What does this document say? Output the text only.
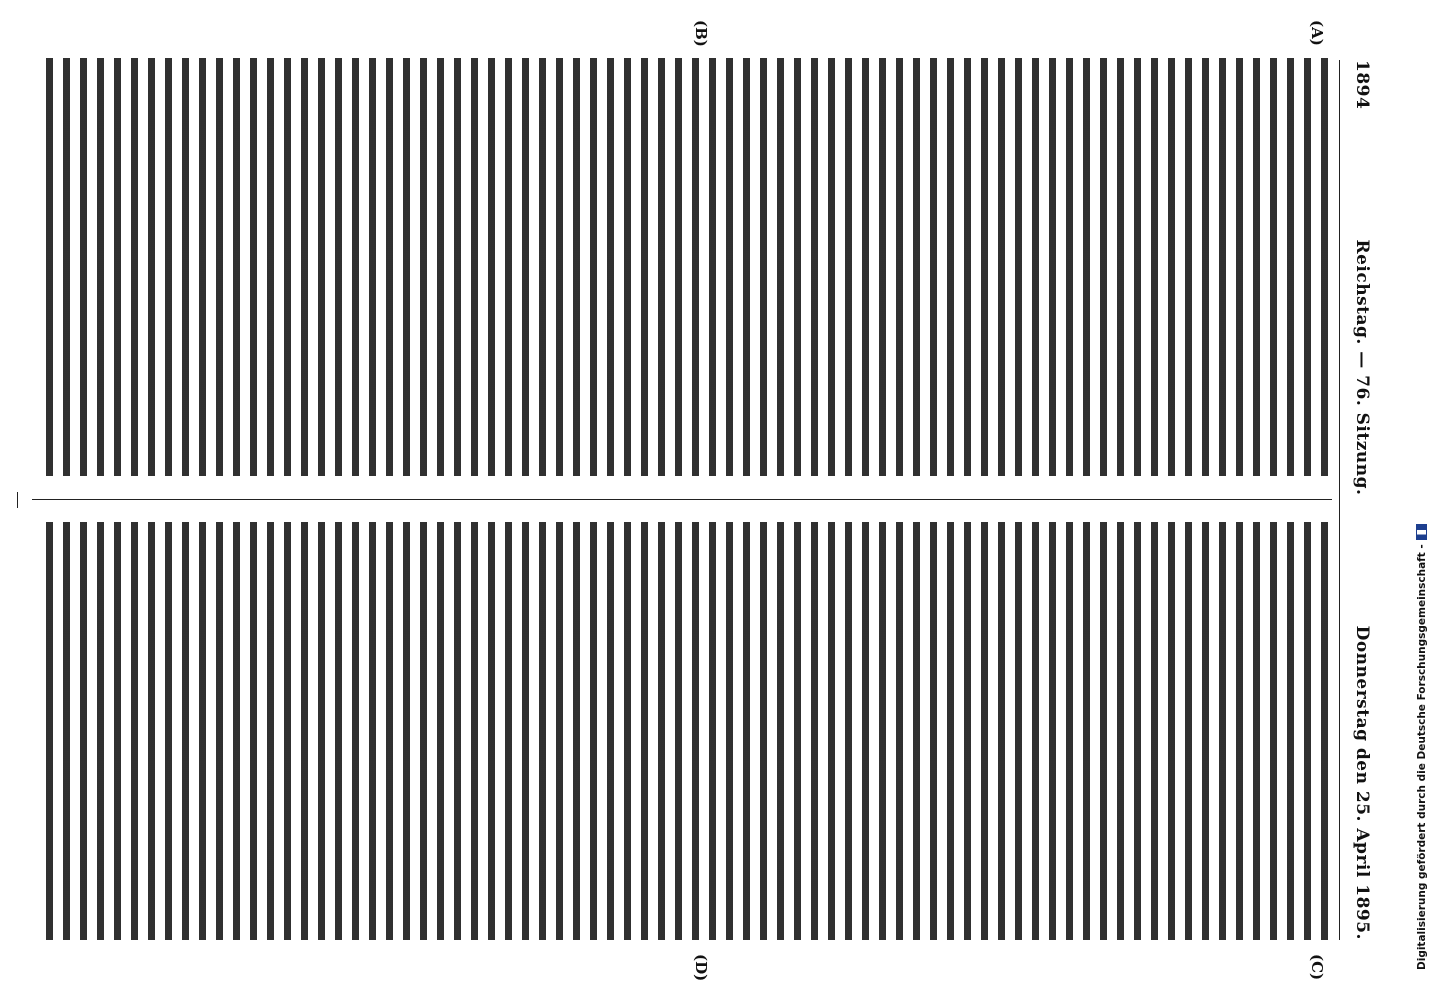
1894
Reichstag. — 76. Sitzung.
Donnerstag den 25. April 1895.
(A)
(B)
(C)
(D)	Digitalisierung gefördert durch die Deutsche Forschungsgemeinschaft -
